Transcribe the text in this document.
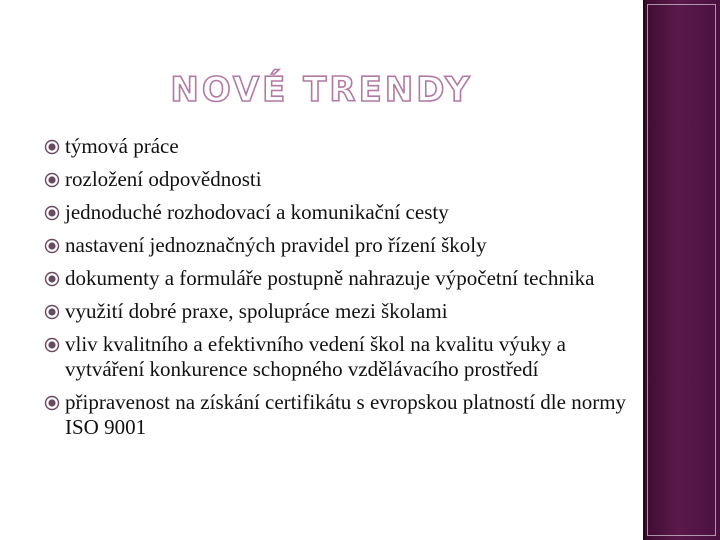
NOVÉ TRENDY
týmová práce
rozložení odpovědnosti
jednoduché rozhodovací a komunikační cesty
nastavení jednoznačných pravidel pro řízení školy
dokumenty a formuláře postupně nahrazuje výpočetní technika
využití dobré praxe, spolupráce mezi školami
vliv kvalitního a efektivního vedení škol na kvalitu výuky a vytváření konkurence schopného vzdělávacího prostředí
připravenost na získání certifikátu s evropskou platností dle normy ISO 9001
